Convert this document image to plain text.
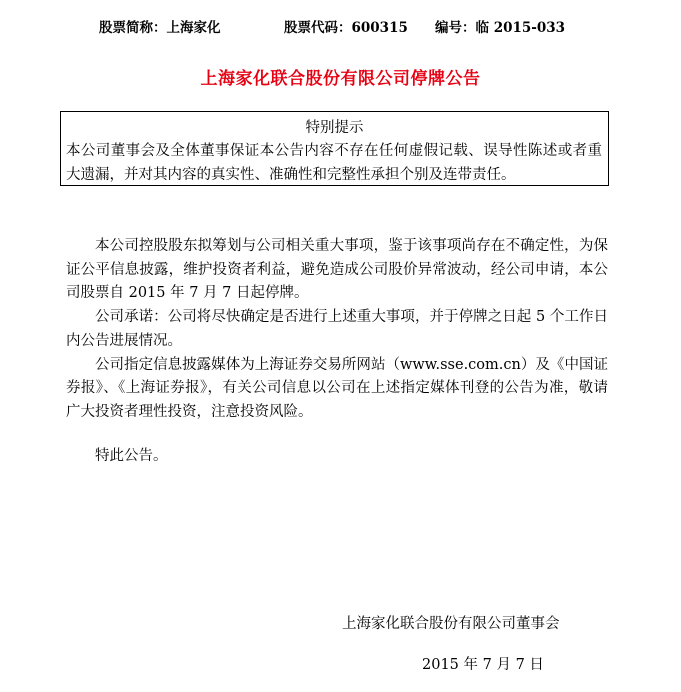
股票简称：上海家化	股票代码：600315 编号：临 2015-033
上海家化联合股份有限公司停牌公告
特别提示
本公司董事会及全体董事保证本公告内容不存在任何虚假记载、误导性陈述或者重大遗漏，并对其内容的真实性、准确性和完整性承担个别及连带责任。

本公司控股股东拟筹划与公司相关重大事项，鉴于该事项尚存在不确定性，为保证公平信息披露，维护投资者利益，避免造成公司股价异常波动，经公司申请，本公司股票自 2015 年 7 月 7 日起停牌。

公司承诺：公司将尽快确定是否进行上述重大事项，并于停牌之日起 5 个工作日内公告进展情况。

公司指定信息披露媒体为上海证券交易所网站（www.sse.com.cn）及《中国证券报》、《上海证券报》，有关公司信息以公司在上述指定媒体刊登的公告为准，敬请广大投资者理性投资，注意投资风险。

特此公告。
上海家化联合股份有限公司董事会
2015 年 7 月 7 日
